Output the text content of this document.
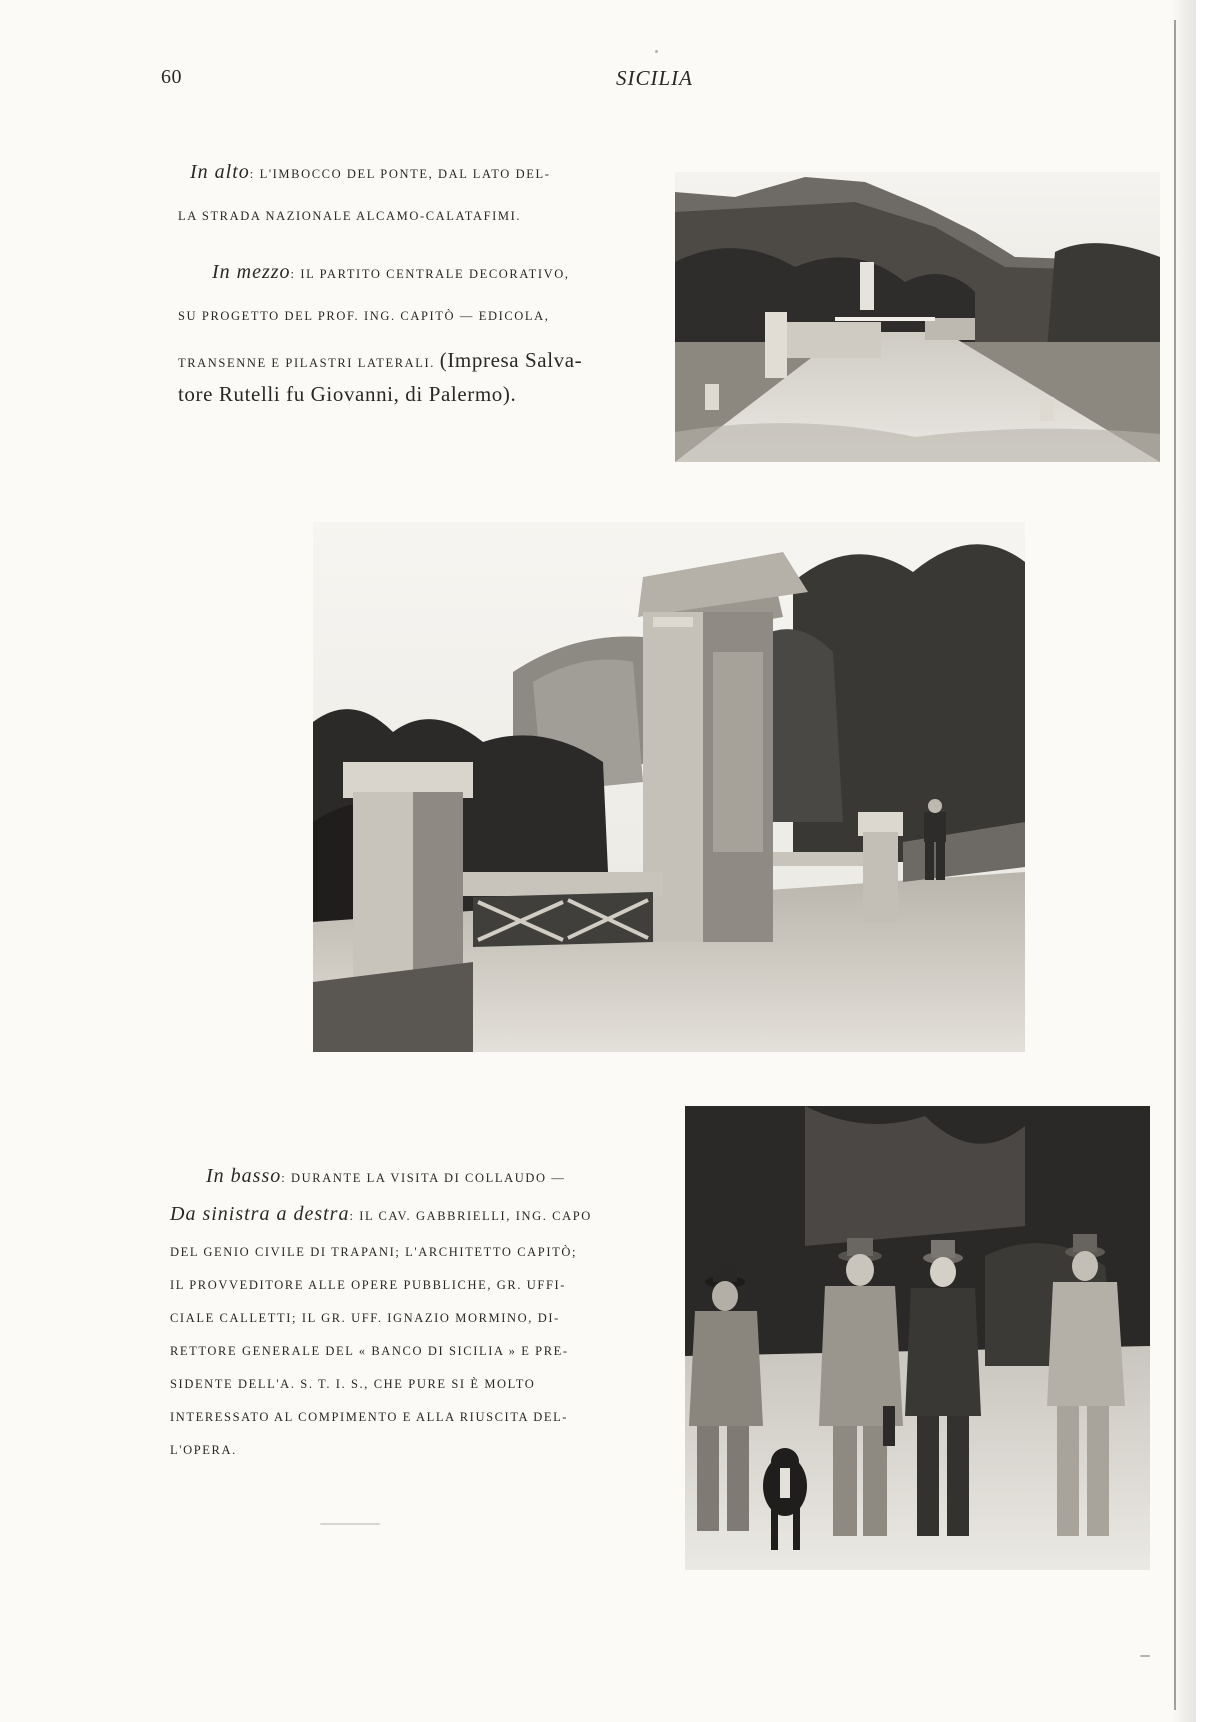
60	SICILIA
In alto: L'IMBOCCO DEL PONTE, DAL LATO DEL-
LA STRADA NAZIONALE ALCAMO-CALATAFIMI.
In mezzo: IL PARTITO CENTRALE DECORATIVO,
SU PROGETTO DEL PROF. ING. CAPITÒ — EDICOLA,
TRANSENNE E PILASTRI LATERALI. (Impresa Salva-
tore Rutelli fu Giovanni, di Palermo).
In basso: DURANTE LA VISITA DI COLLAUDO —
Da sinistra a destra: IL CAV. GABBRIELLI, ING. CAPO
DEL GENIO CIVILE DI TRAPANI; L'ARCHITETTO CAPITÒ;
IL PROVVEDITORE ALLE OPERE PUBBLICHE, GR. UFFI-
CIALE CALLETTI; IL GR. UFF. IGNAZIO MORMINO, DI-
RETTORE GENERALE DEL « BANCO DI SICILIA » E PRE-
SIDENTE DELL'A. S. T. I. S., CHE PURE SI È MOLTO
INTERESSATO AL COMPIMENTO E ALLA RIUSCITA DEL-
L'OPERA.
